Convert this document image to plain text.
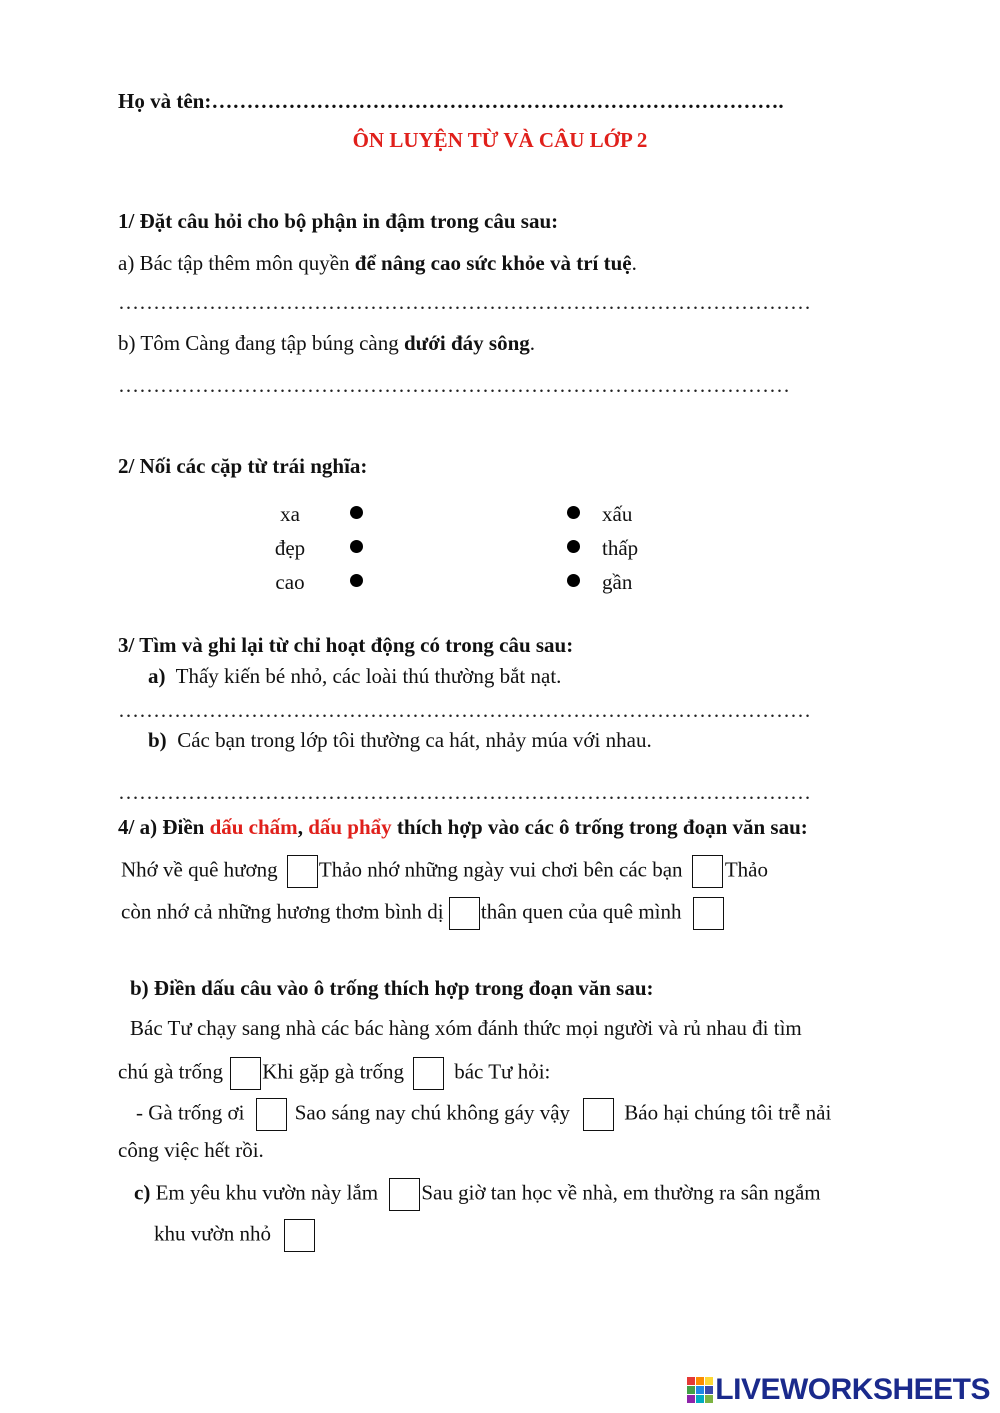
Họ và tên:……………………………………………………………………….
ÔN LUYỆN TỪ VÀ CÂU LỚP 2
1/ Đặt câu hỏi cho bộ phận in đậm trong câu sau:
a) Bác tập thêm môn quyền để nâng cao sức khỏe và trí tuệ.
………………………………………………………………………………………
b) Tôm Càng đang tập búng càng dưới đáy sông.
……………………………………………………………………………………
2/ Nối các cặp từ trái nghĩa:
xa
đẹp
cao
xấu
thấp
gần
3/ Tìm và ghi lại từ chỉ hoạt động có trong câu sau:
a) Thấy kiến bé nhỏ, các loài thú thường bắt nạt.
………………………………………………………………………………………
b) Các bạn trong lớp tôi thường ca hát, nhảy múa với nhau.
………………………………………………………………………………………
4/ a) Điền dấu chấm, dấu phẩy thích hợp vào các ô trống trong đoạn văn sau:
Nhớ về quê hương Thảo nhớ những ngày vui chơi bên các bạn Thảo
còn nhớ cả những hương thơm bình dị thân quen của quê mình
b) Điền dấu câu vào ô trống thích hợp trong đoạn văn sau:
Bác Tư chạy sang nhà các bác hàng xóm đánh thức mọi người và rủ nhau đi tìm
chú gà trống Khi gặp gà trống bác Tư hỏi:
- Gà trống ơi Sao sáng nay chú không gáy vậy	Báo hại chúng tôi trễ nải
công việc hết rồi.
c) Em yêu khu vườn này lắm Sau giờ tan học về nhà, em thường ra sân ngắm
khu vườn nhỏ
LIVEWORKSHEETS
